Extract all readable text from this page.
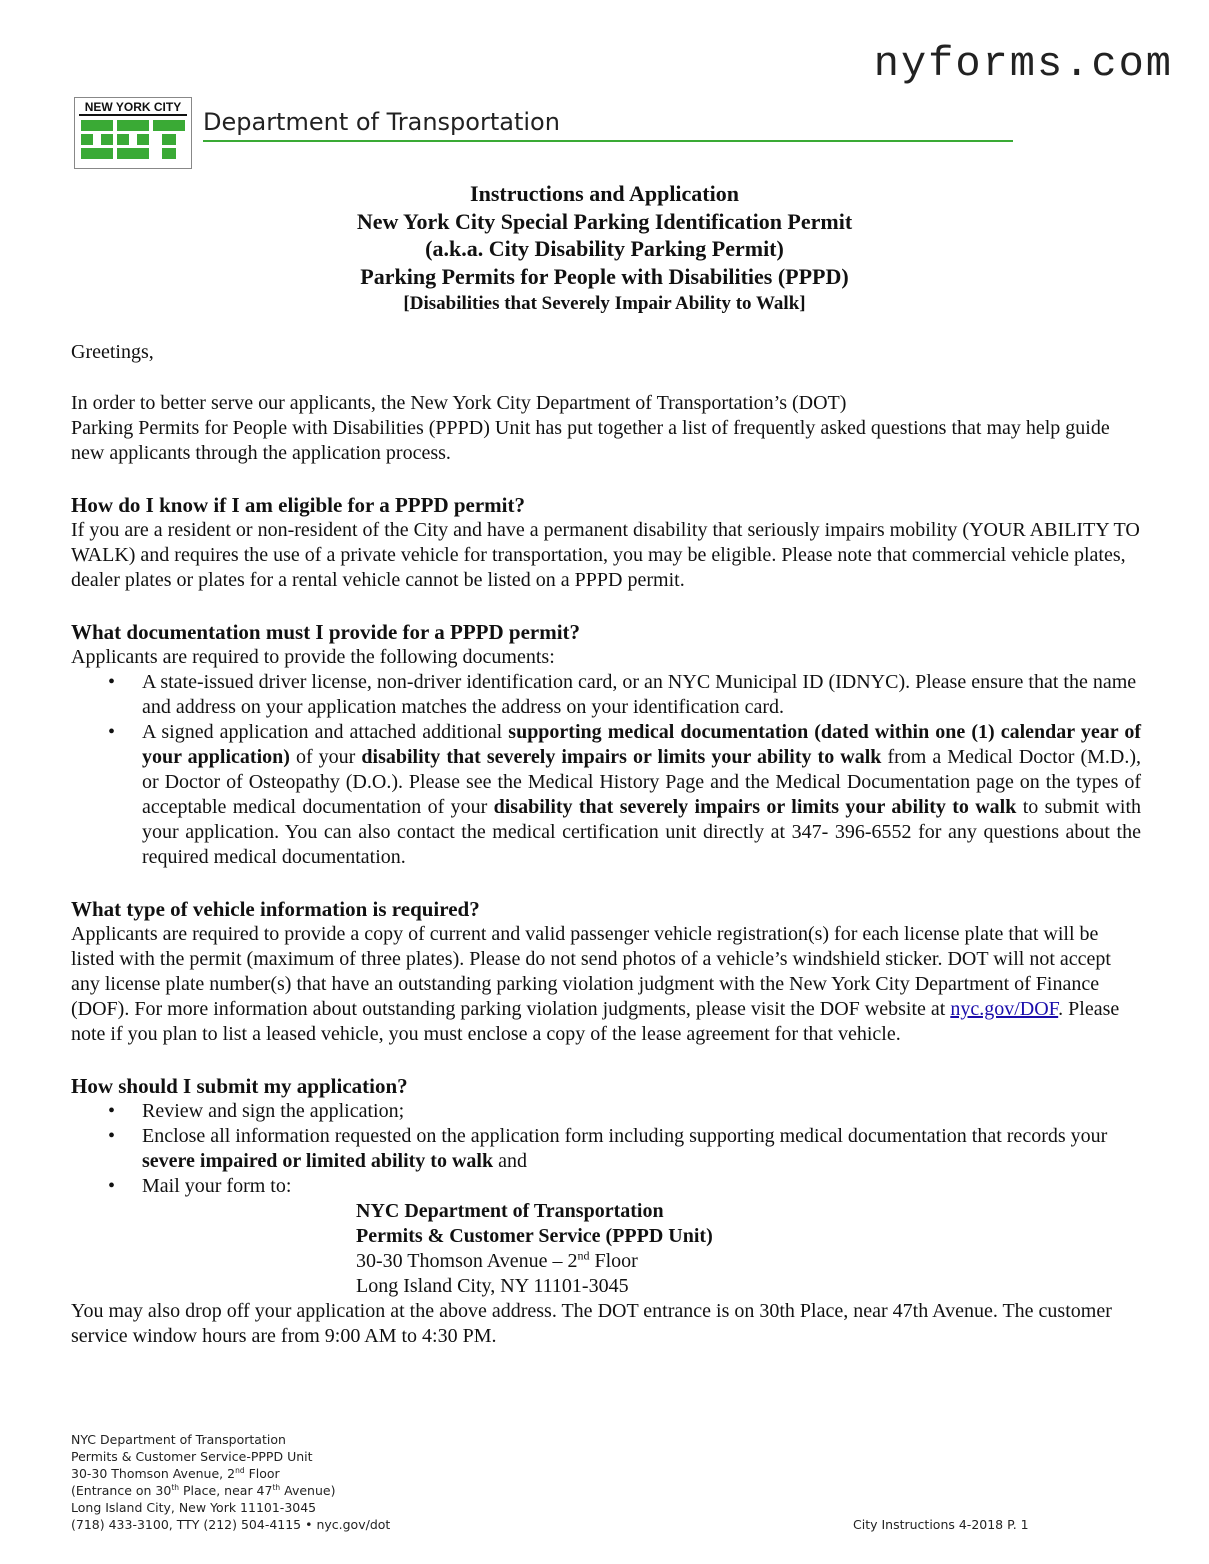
nyforms.com
NEW YORK CITY
Department of Transportation
Instructions and Application
New York City Special Parking Identification Permit
(a.k.a. City Disability Parking Permit)
Parking Permits for People with Disabilities (PPPD)
[Disabilities that Severely Impair Ability to Walk]

Greetings,

In order to better serve our applicants, the New York City Department of Transportation’s (DOT)

Parking Permits for People with Disabilities (PPPD) Unit has put together a list of frequently asked questions that may help guide new applicants through the application process.

How do I know if I am eligible for a PPPD permit?

If you are a resident or non-resident of the City and have a permanent disability that seriously impairs mobility (YOUR ABILITY TO WALK) and requires the use of a private vehicle for transportation, you may be eligible. Please note that commercial vehicle plates, dealer plates or plates for a rental vehicle cannot be listed on a PPPD permit.

What documentation must I provide for a PPPD permit?

Applicants are required to provide the following documents:

• A state-issued driver license, non-driver identification card, or an NYC Municipal ID (IDNYC). Please ensure that the name and address on your application matches the address on your identification card.
• A signed application and attached additional supporting medical documentation (dated within one (1) calendar year of your application) of your disability that severely impairs or limits your ability to walk from a Medical Doctor (M.D.), or Doctor of Osteopathy (D.O.). Please see the Medical History Page and the Medical Documentation page on the types of acceptable medical documentation of your disability that severely impairs or limits your ability to walk to submit with your application. You can also contact the medical certification unit directly at 347- 396-6552 for any questions about the required medical documentation.
What type of vehicle information is required?

Applicants are required to provide a copy of current and valid passenger vehicle registration(s) for each license plate that will be listed with the permit (maximum of three plates). Please do not send photos of a vehicle’s windshield sticker. DOT will not accept any license plate number(s) that have an outstanding parking violation judgment with the New York City Department of Finance (DOF). For more information about outstanding parking violation judgments, please visit the DOF website at nyc.gov/DOF. Please note if you plan to list a leased vehicle, you must enclose a copy of the lease agreement for that vehicle.

How should I submit my application?
• Review and sign the application;
• Enclose all information requested on the application form including supporting medical documentation that records your severe impaired or limited ability to walk and
• Mail your form to:
NYC Department of Transportation
Permits & Customer Service (PPPD Unit)
30-30 Thomson Avenue – 2nd Floor
Long Island City, NY 11101-3045

You may also drop off your application at the above address. The DOT entrance is on 30th Place, near 47th Avenue. The customer service window hours are from 9:00 AM to 4:30 PM.

NYC Department of Transportation
Permits & Customer Service-PPPD Unit
30-30 Thomson Avenue, 2nd Floor
(Entrance on 30th Place, near 47th Avenue)
Long Island City, New York 11101-3045
(718) 433-3100, TTY (212) 504-4115 • nyc.gov/dot	City Instructions 4-2018 P. 1
